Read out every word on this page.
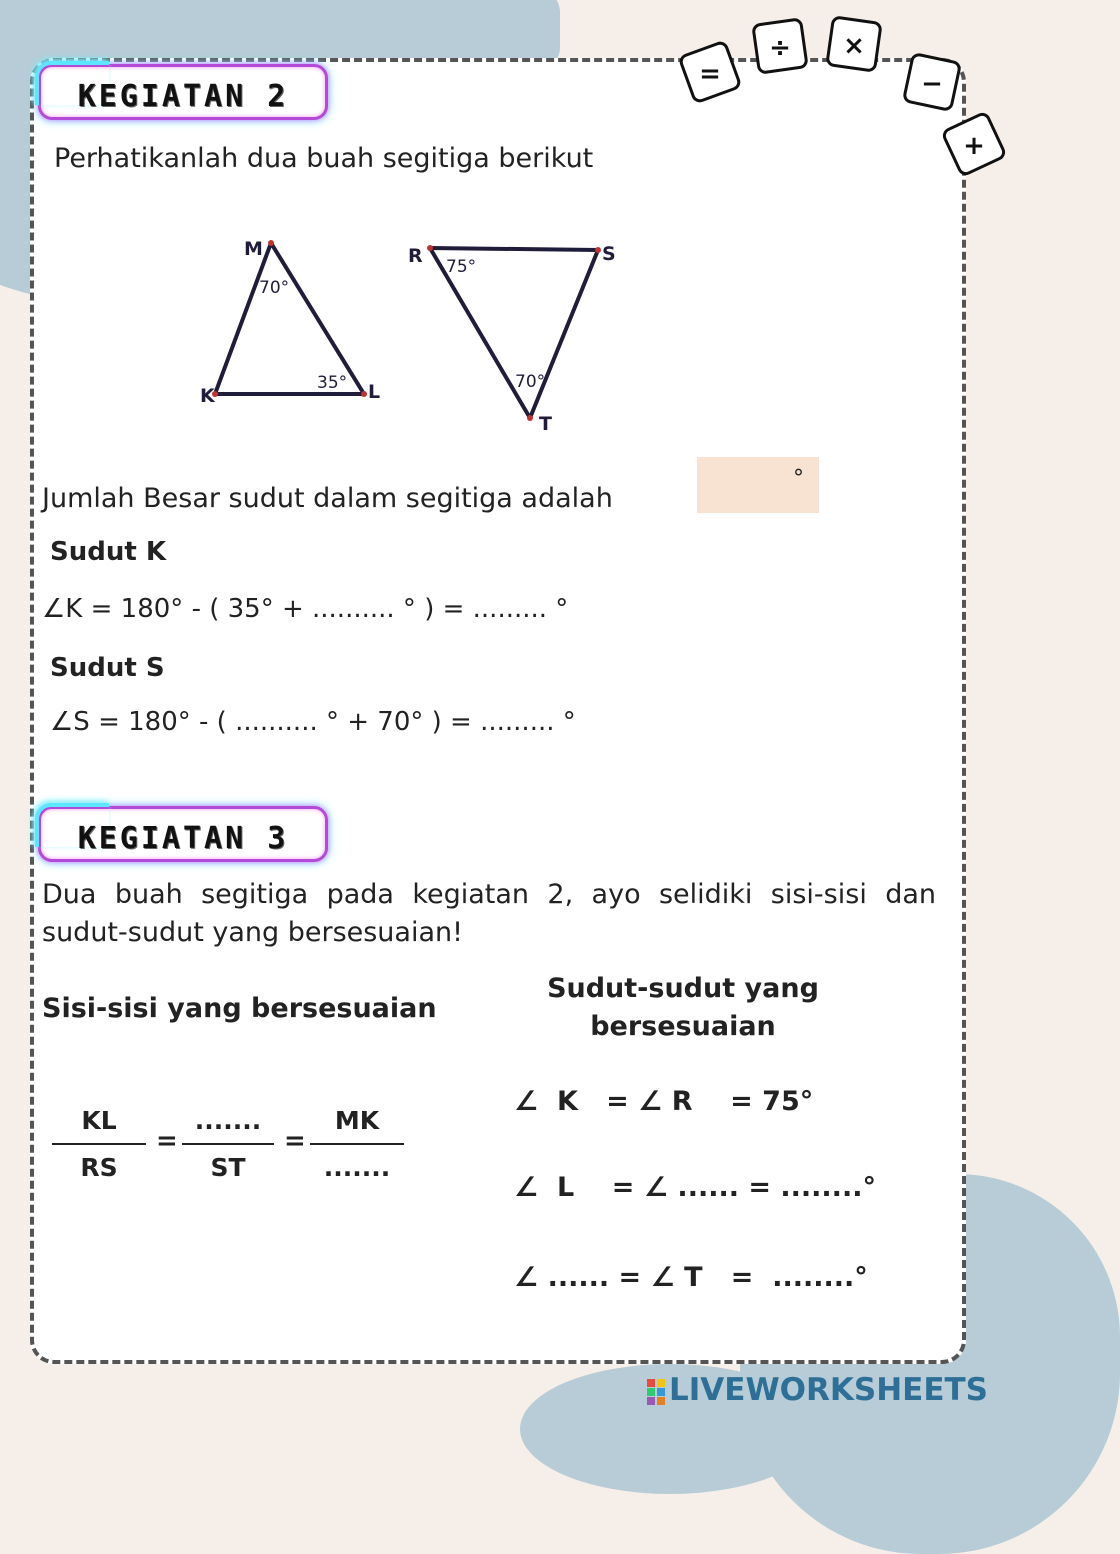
=
÷ ×
−
+
KEGIATAN 2
Perhatikanlah dua buah segitiga berikut
M
K	L
R	S
T
70°
35°
75°
70°
°
Jumlah Besar sudut dalam segitiga adalah
Sudut K
∠K = 180° - ( 35° + .......... ° ) = ......... °
Sudut S
∠S = 180° - ( .......... ° + 70° ) = ......... °
KEGIATAN 3
Dua buah segitiga pada kegiatan 2, ayo selidiki sisi-sisi dan sudut-sudut yang bersesuaian!
Sisi-sisi yang bersesuaian
Sudut-sudut yang bersesuaian
KL
RS
=
.......
ST
=
MK
.......
∠  K   = ∠ R    = 75°
∠  L    = ∠ ...... = ........°
∠ ...... = ∠ T   =  ........°
LIVEWORKSHEETS
